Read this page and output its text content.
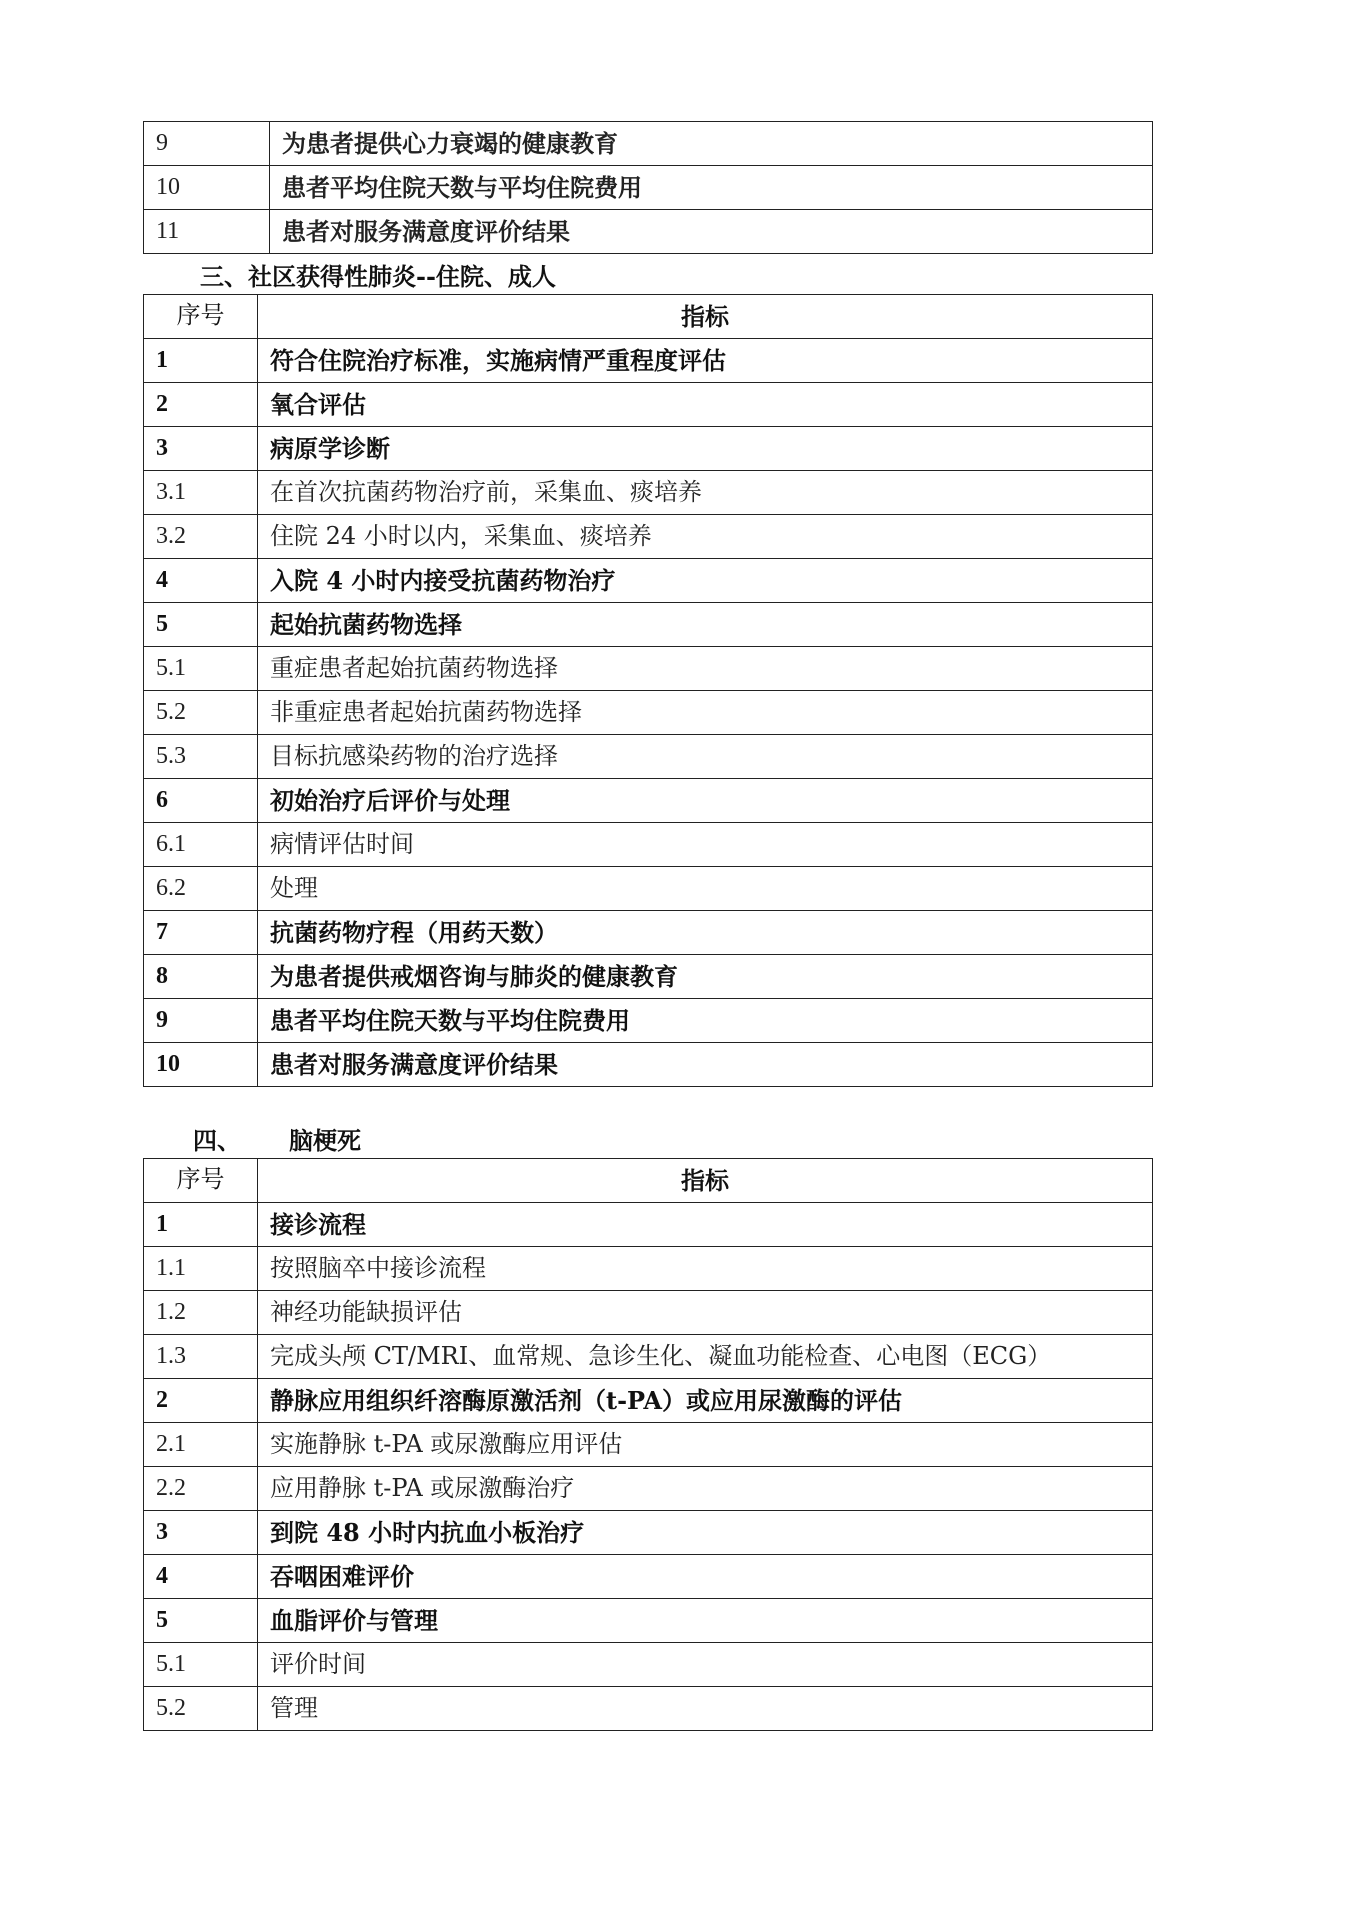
9	为患者提供心力衰竭的健康教育
10	患者平均住院天数与平均住院费用
11	患者对服务满意度评价结果
三、社区获得性肺炎--住院、成人
序号	指标
1	符合住院治疗标准，实施病情严重程度评估
2	氧合评估
3	病原学诊断
3.1	在首次抗菌药物治疗前，采集血、痰培养
3.2	住院 24 小时以内，采集血、痰培养
4	入院 4 小时内接受抗菌药物治疗
5	起始抗菌药物选择
5.1	重症患者起始抗菌药物选择
5.2	非重症患者起始抗菌药物选择
5.3	目标抗感染药物的治疗选择
6	初始治疗后评价与处理
6.1	病情评估时间
6.2	处理
7	抗菌药物疗程（用药天数）
8	为患者提供戒烟咨询与肺炎的健康教育
9	患者平均住院天数与平均住院费用
10	患者对服务满意度评价结果
四、 脑梗死
序号	指标
1	接诊流程
1.1	按照脑卒中接诊流程
1.2	神经功能缺损评估
1.3	完成头颅 CT/MRI、血常规、急诊生化、凝血功能检查、心电图（ECG）
2	静脉应用组织纤溶酶原激活剂（t-PA）或应用尿激酶的评估
2.1	实施静脉 t-PA 或尿激酶应用评估
2.2	应用静脉 t-PA 或尿激酶治疗
3	到院 48 小时内抗血小板治疗
4	吞咽困难评价
5	血脂评价与管理
5.1	评价时间
5.2	管理
